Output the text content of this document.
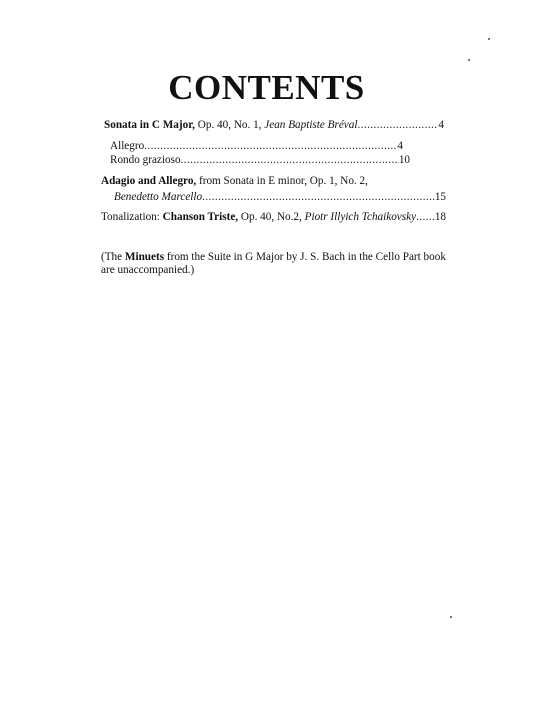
CONTENTS
Sonata in C Major, Op. 40, No. 1, Jean Baptiste Bréval .....	4
Allegro .....	4
Rondo grazioso .....	10
Adagio and Allegro, from Sonata in E minor, Op. 1, No. 2,
Benedetto Marcello .....	15
Tonalization: Chanson Triste, Op. 40, No.2, Piotr Illyich Tchaikovsky ..... 18
(The Minuets from the Suite in G Major by J. S. Bach in the Cello Part book are unaccompanied.)
